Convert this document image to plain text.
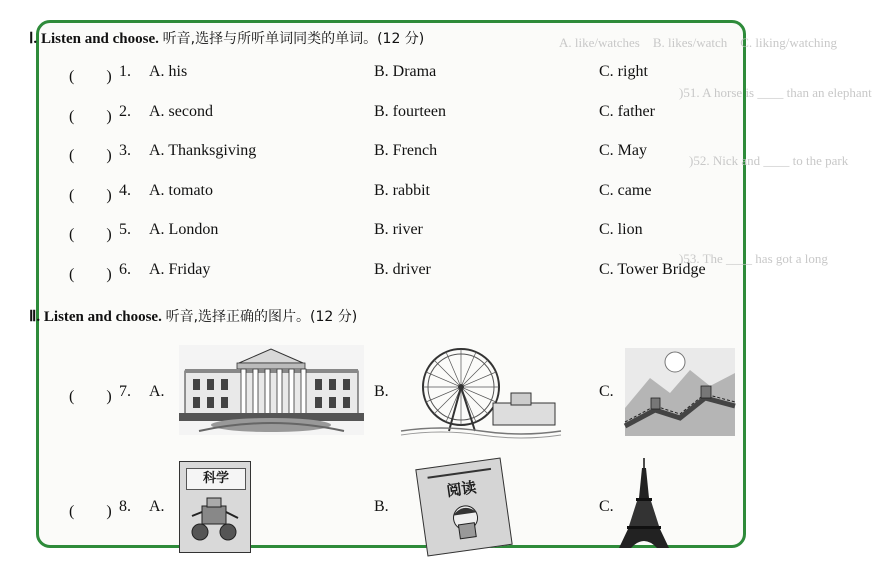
A. like/watches    B. likes/watch    C. liking/watching
)51. A horse is ____ than an elephant
)52. Nick and ____ to the park
)53. The ____ has got a long
Ⅰ. Listen and choose. 听音,选择与所听单词同类的单词。(12 分)
(　　) 1. A. his	B. Drama	C. right
(　　) 2. A. second	B. fourteen	C. father
(　　) 3. A. Thanksgiving	B. French	C. May
(　　) 4. A. tomato	B. rabbit	C. came
(　　) 5. A. London	B. river	C. lion
(　　) 6. A. Friday	B. driver	C. Tower Bridge
Ⅱ. Listen and choose. 听音,选择正确的图片。(12 分)
(　　) 7. A.	B.	C.
(　　) 8. A.	B.	C.
科学	阅读
